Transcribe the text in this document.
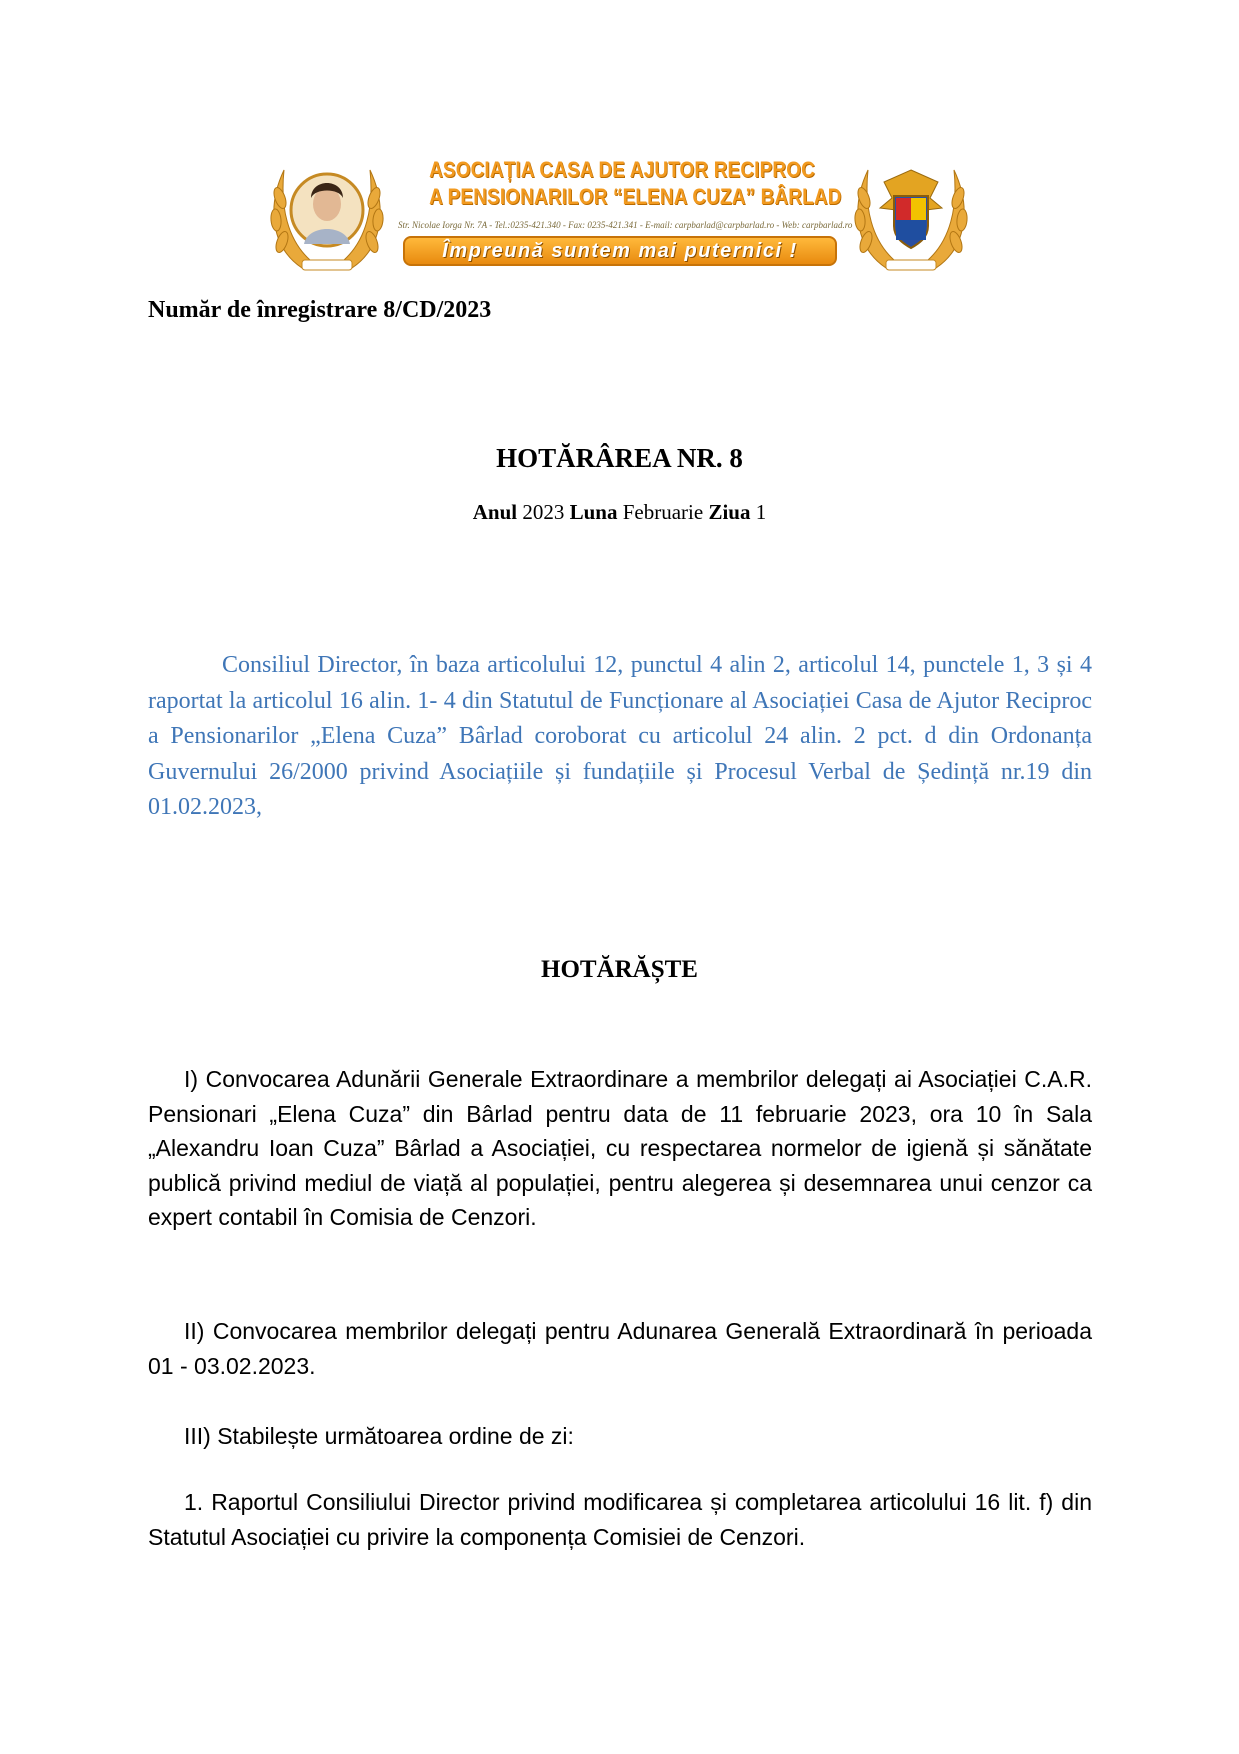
ASOCIAȚIA CASA DE AJUTOR RECIPROC
A PENSIONARILOR “ELENA CUZA” BÂRLAD
Str. Nicolae Iorga Nr. 7A - Tel.:0235-421.340 - Fax: 0235-421.341 - E-mail: carpbarlad@carpbarlad.ro - Web: carpbarlad.ro
Împreună suntem mai puternici !
Număr de înregistrare 8/CD/2023
HOTĂRÂREA NR. 8
Anul 2023 Luna Februarie Ziua 1
Consiliul Director, în baza articolului 12, punctul 4 alin 2, articolul 14, punctele 1, 3 și 4 raportat la articolul 16 alin. 1- 4 din Statutul de Funcționare al Asociației Casa de Ajutor Reciproc a Pensionarilor „Elena Cuza” Bârlad coroborat cu articolul 24 alin. 2 pct. d din Ordonanța Guvernului 26/2000 privind Asociațiile și fundațiile și Procesul Verbal de Ședință nr.19 din 01.02.2023,
HOTĂRĂȘTE
I) Convocarea Adunării Generale Extraordinare a membrilor delegați ai Asociației C.A.R. Pensionari „Elena Cuza” din Bârlad pentru data de 11 februarie 2023, ora 10 în Sala „Alexandru Ioan Cuza” Bârlad a Asociației, cu respectarea normelor de igienă și sănătate publică privind mediul de viață al populației, pentru alegerea și desemnarea unui cenzor ca expert contabil în Comisia de Cenzori.
II) Convocarea membrilor delegați pentru Adunarea Generală Extraordinară în perioada 01 - 03.02.2023.
III) Stabilește următoarea ordine de zi:
1. Raportul Consiliului Director privind modificarea și completarea articolului 16 lit. f) din Statutul Asociației cu privire la componența Comisiei de Cenzori.
